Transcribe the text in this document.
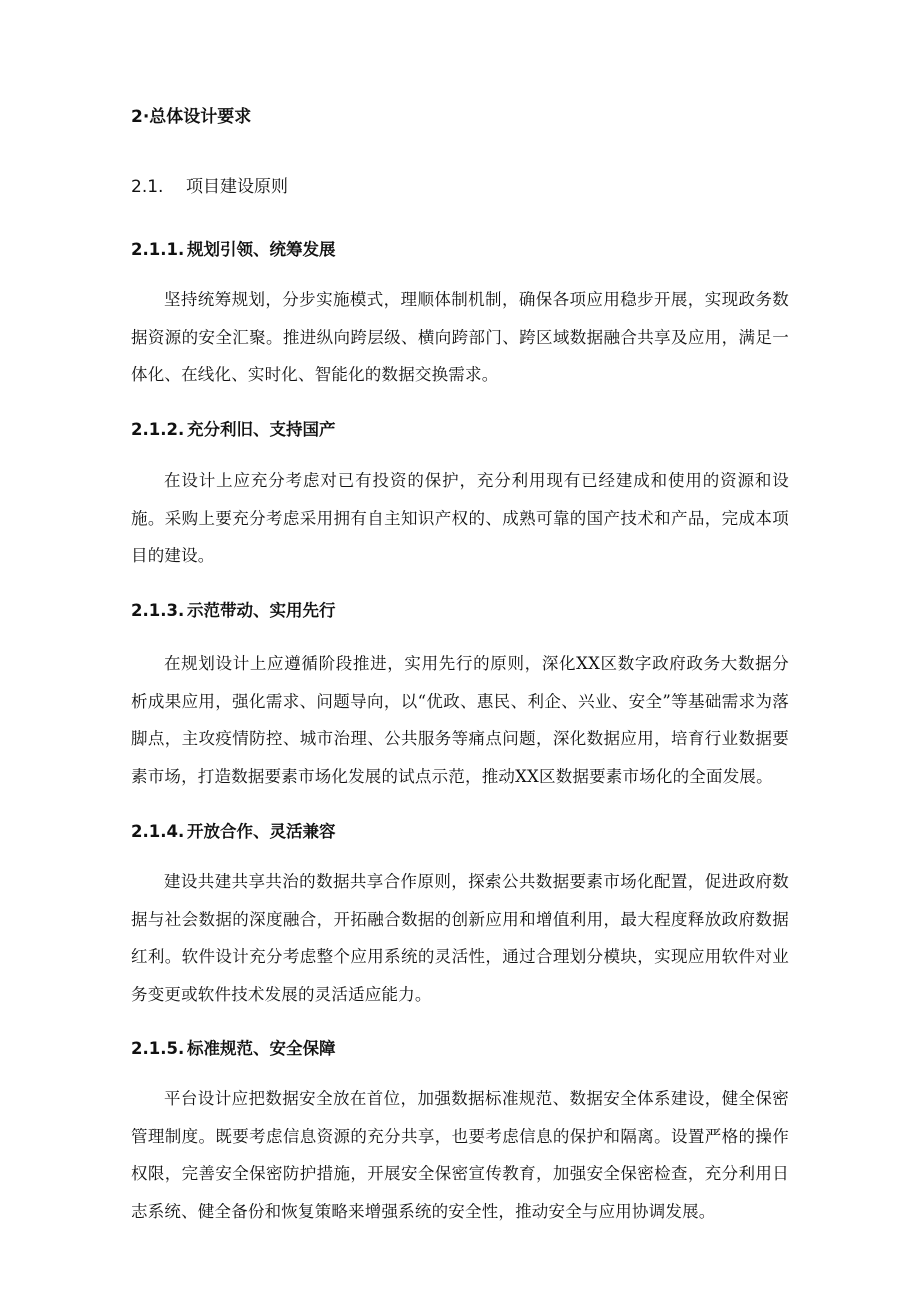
2·总体设计要求
2.1. 项目建设原则
2.1.1. 规划引领、统筹发展

坚持统筹规划，分步实施模式，理顺体制机制，确保各项应用稳步开展，实现政务数据资源的安全汇聚。推进纵向跨层级、横向跨部门、跨区域数据融合共享及应用，满足一体化、在线化、实时化、智能化的数据交换需求。

2.1.2. 充分利旧、支持国产

在设计上应充分考虑对已有投资的保护，充分利用现有已经建成和使用的资源和设施。采购上要充分考虑采用拥有自主知识产权的、成熟可靠的国产技术和产品，完成本项目的建设。

2.1.3. 示范带动、实用先行

在规划设计上应遵循阶段推进，实用先行的原则，深化XX区数字政府政务大数据分析成果应用，强化需求、问题导向，以“优政、惠民、利企、兴业、安全”等基础需求为落脚点，主攻疫情防控、城市治理、公共服务等痛点问题，深化数据应用，培育行业数据要素市场，打造数据要素市场化发展的试点示范，推动XX区数据要素市场化的全面发展。

2.1.4. 开放合作、灵活兼容

建设共建共享共治的数据共享合作原则，探索公共数据要素市场化配置，促进政府数据与社会数据的深度融合，开拓融合数据的创新应用和增值利用，最大程度释放政府数据红利。软件设计充分考虑整个应用系统的灵活性，通过合理划分模块，实现应用软件对业务变更或软件技术发展的灵活适应能力。

2.1.5. 标准规范、安全保障

平台设计应把数据安全放在首位，加强数据标准规范、数据安全体系建设，健全保密管理制度。既要考虑信息资源的充分共享，也要考虑信息的保护和隔离。设置严格的操作权限，完善安全保密防护措施，开展安全保密宣传教育，加强安全保密检查，充分利用日志系统、健全备份和恢复策略来增强系统的安全性，推动安全与应用协调发展。
